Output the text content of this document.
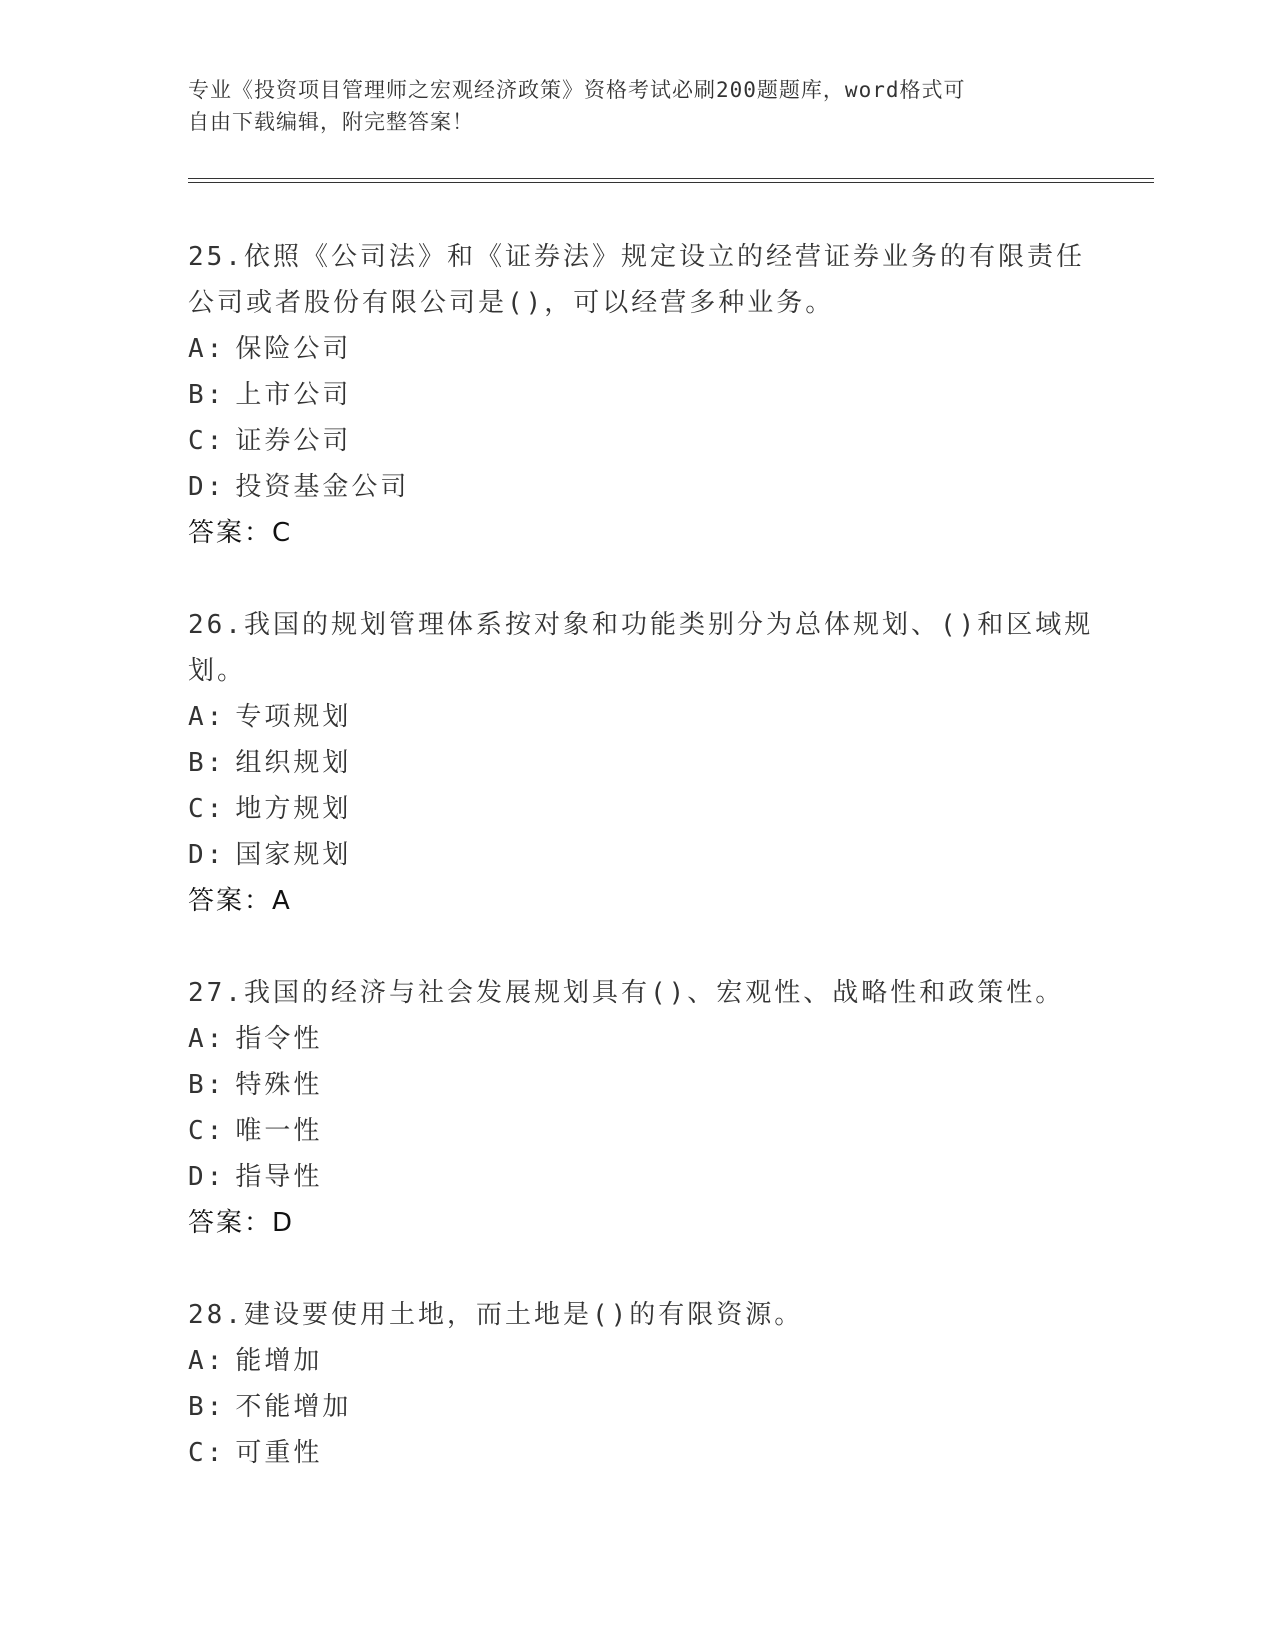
专业《投资项目管理师之宏观经济政策》资格考试必刷200题题库，word格式可
自由下载编辑，附完整答案！

25.依照《公司法》和《证券法》规定设立的经营证券业务的有限责任
公司或者股份有限公司是()，可以经营多种业务。

A: 保险公司

B: 上市公司

C: 证券公司

D: 投资基金公司

答案：C

26.我国的规划管理体系按对象和功能类别分为总体规划、()和区域规
划。

A: 专项规划

B: 组织规划

C: 地方规划

D: 国家规划

答案：A

27.我国的经济与社会发展规划具有()、宏观性、战略性和政策性。

A: 指令性

B: 特殊性

C: 唯一性

D: 指导性

答案：D

28.建设要使用土地，而土地是()的有限资源。

A: 能增加

B: 不能增加

C: 可重性
